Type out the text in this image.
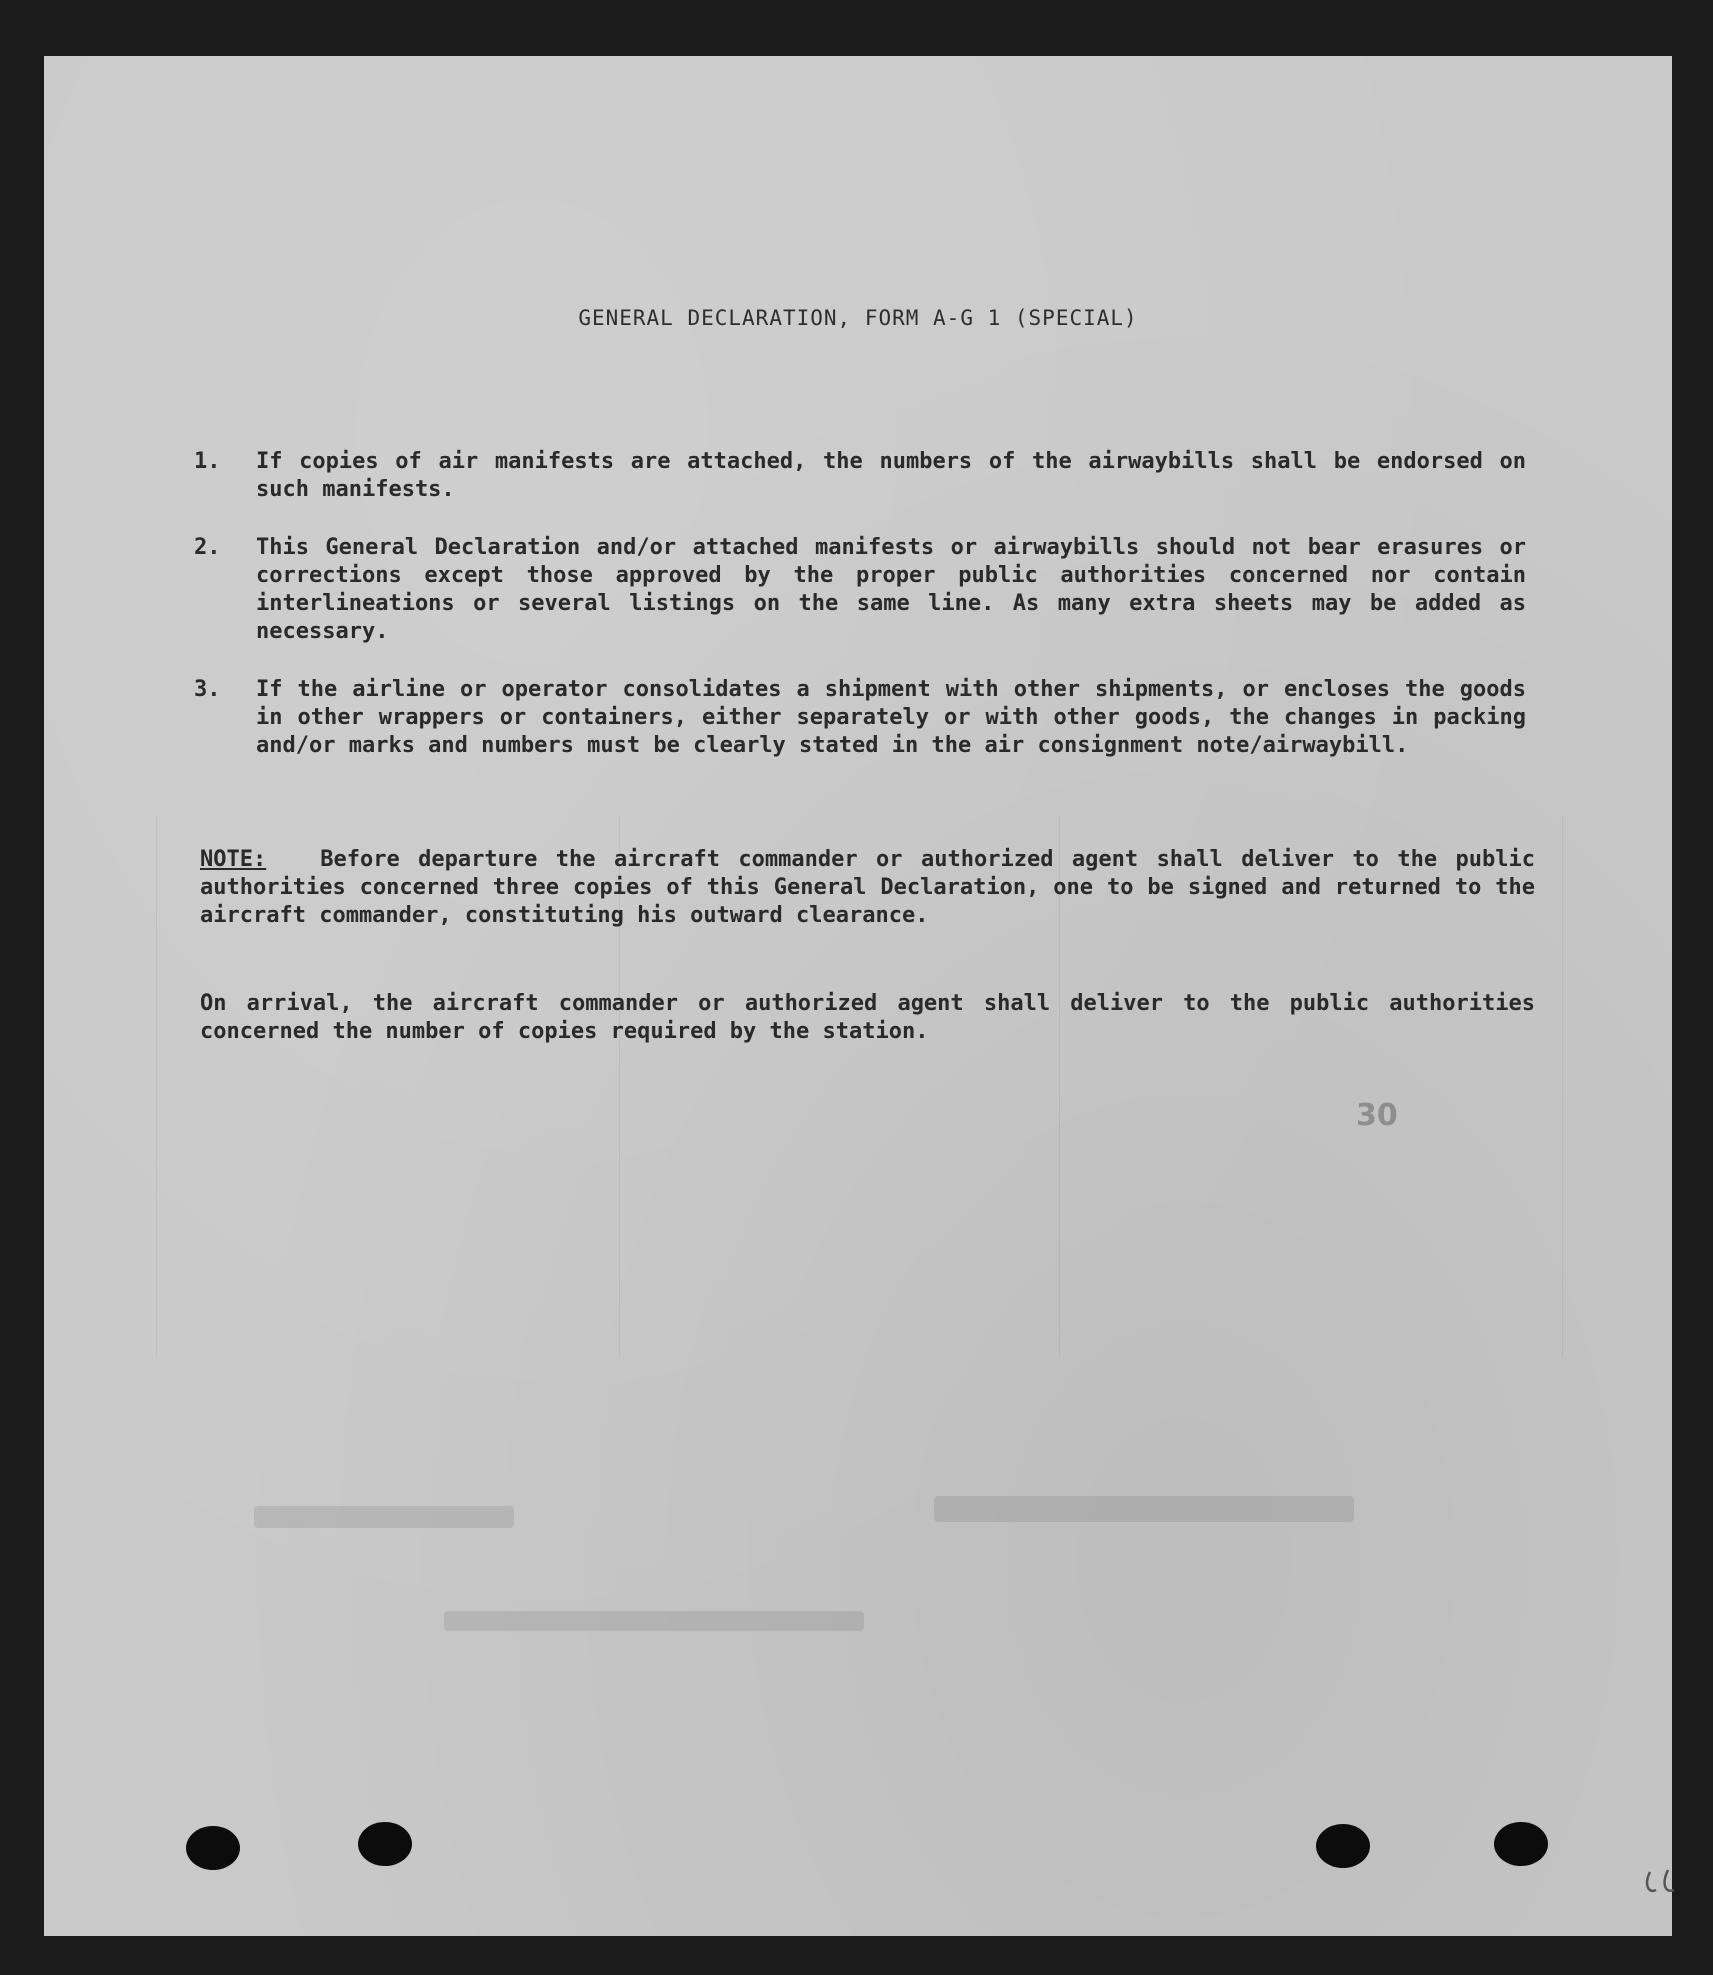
GENERAL DECLARATION, FORM A-G 1 (SPECIAL)
1. If copies of air manifests are attached, the numbers of the airwaybills shall be endorsed on such manifests.
2. This General Declaration and/or attached manifests or airwaybills should not bear erasures or corrections except those approved by the proper public authorities concerned nor contain interlineations or several listings on the same line. As many extra sheets may be added as necessary.
3. If the airline or operator consolidates a shipment with other shipments, or encloses the goods in other wrappers or containers, either separately or with other goods, the changes in packing and/or marks and numbers must be clearly stated in the air consignment note/airwaybill.
NOTE: Before departure the aircraft commander or authorized agent shall deliver to the public authorities concerned three copies of this General Declaration, one to be signed and returned to the aircraft commander, constituting his outward clearance.
On arrival, the aircraft commander or authorized agent shall deliver to the public authorities concerned the number of copies required by the station.
30
